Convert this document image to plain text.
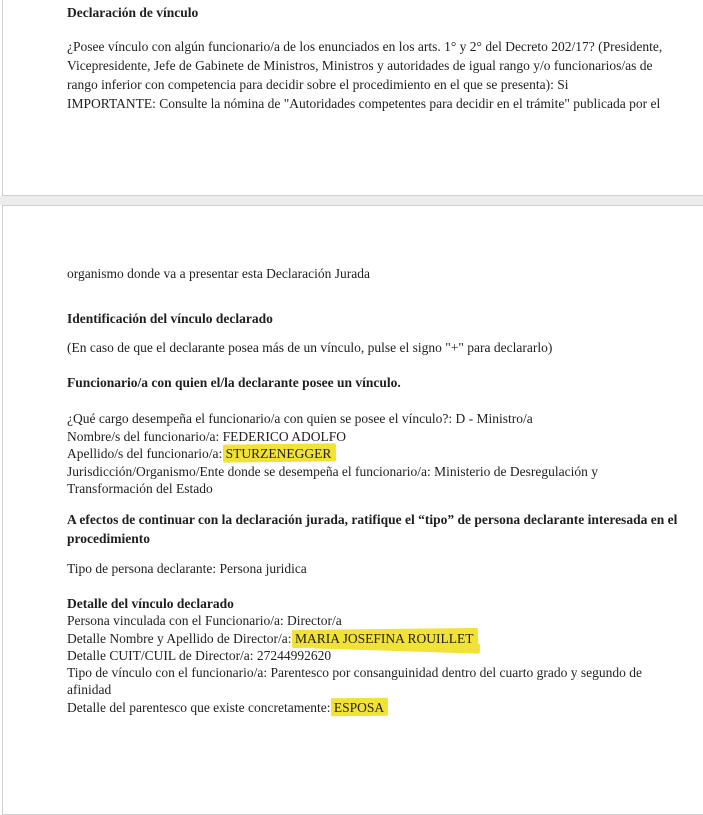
Declaración de vínculo
¿Posee vínculo con algún funcionario/a de los enunciados en los arts. 1° y 2° del Decreto 202/17? (Presidente,
Vicepresidente, Jefe de Gabinete de Ministros, Ministros y autoridades de igual rango y/o funcionarios/as de
rango inferior con competencia para decidir sobre el procedimiento en el que se presenta): Si
IMPORTANTE: Consulte la nómina de "Autoridades competentes para decidir en el trámite" publicada por el
organismo donde va a presentar esta Declaración Jurada
Identificación del vínculo declarado
(En caso de que el declarante posea más de un vínculo, pulse el signo "+" para declararlo)
Funcionario/a con quien el/la declarante posee un vínculo.
¿Qué cargo desempeña el funcionario/a con quien se posee el vínculo?: D - Ministro/a
Nombre/s del funcionario/a: FEDERICO ADOLFO
Apellido/s del funcionario/a: STURZENEGGER
Jurisdicción/Organismo/Ente donde se desempeña el funcionario/a: Ministerio de Desregulación y
Transformación del Estado
A efectos de continuar con la declaración jurada, ratifique el “tipo” de persona declarante interesada en el
procedimiento
Tipo de persona declarante: Persona juridica
Detalle del vínculo declarado
Persona vinculada con el Funcionario/a: Director/a
Detalle Nombre y Apellido de Director/a: MARIA JOSEFINA ROUILLET
Detalle CUIT/CUIL de Director/a: 27244992620
Tipo de vínculo con el funcionario/a: Parentesco por consanguinidad dentro del cuarto grado y segundo de
afinidad
Detalle del parentesco que existe concretamente: ESPOSA
